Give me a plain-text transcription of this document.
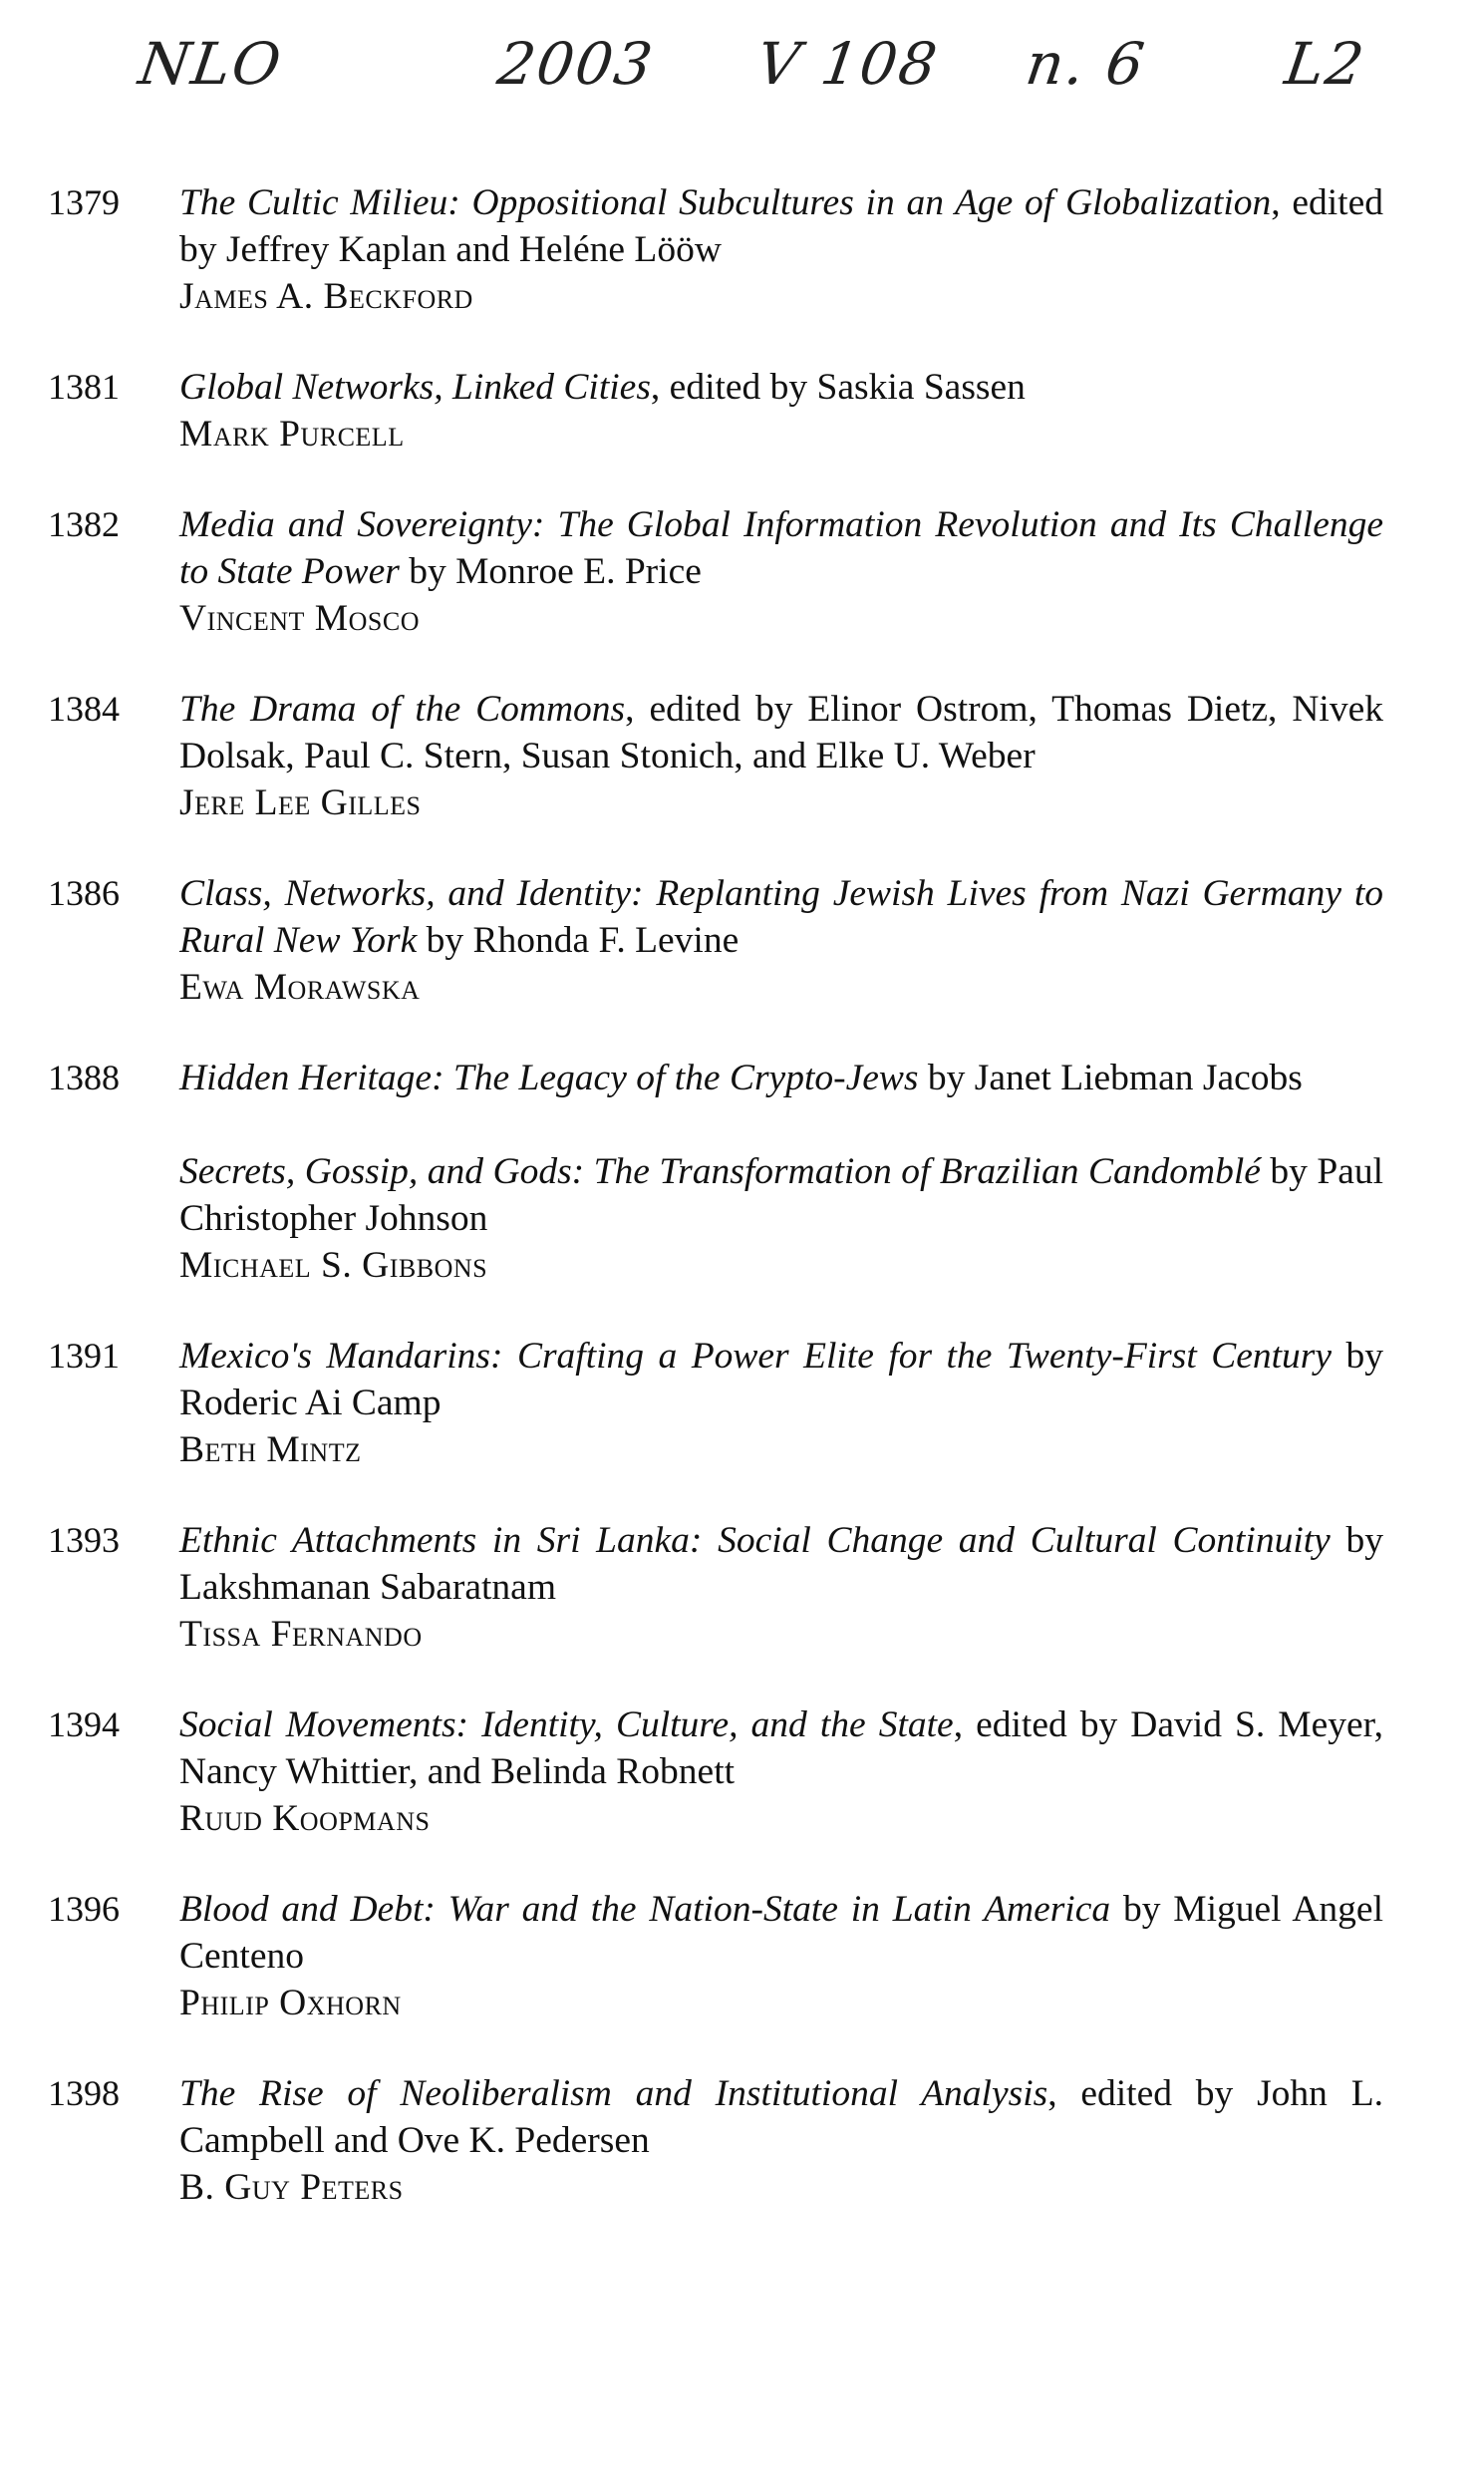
NLO	2003 V 108 n. 6 L2
1379	The Cultic Milieu: Oppositional Subcultures in an Age of Globalization, edited by Jeffrey Kaplan and Heléne Lööw
James A. Beckford
1381	Global Networks, Linked Cities, edited by Saskia Sassen
Mark Purcell
1382	Media and Sovereignty: The Global Information Revolution and Its Challenge to State Power by Monroe E. Price
Vincent Mosco
1384	The Drama of the Commons, edited by Elinor Ostrom, Thomas Dietz, Nivek Dolsak, Paul C. Stern, Susan Stonich, and Elke U. Weber
Jere Lee Gilles
1386	Class, Networks, and Identity: Replanting Jewish Lives from Nazi Germany to Rural New York by Rhonda F. Levine
Ewa Morawska
1388	Hidden Heritage: The Legacy of the Crypto-Jews by Janet Liebman Jacobs
Secrets, Gossip, and Gods: The Transformation of Brazilian Candomblé by Paul Christopher Johnson
Michael S. Gibbons
1391	Mexico's Mandarins: Crafting a Power Elite for the Twenty-First Century by Roderic Ai Camp
Beth Mintz
1393	Ethnic Attachments in Sri Lanka: Social Change and Cultural Continuity by Lakshmanan Sabaratnam
Tissa Fernando
1394	Social Movements: Identity, Culture, and the State, edited by David S. Meyer, Nancy Whittier, and Belinda Robnett
Ruud Koopmans
1396	Blood and Debt: War and the Nation-State in Latin America by Miguel Angel Centeno
Philip Oxhorn
1398	The Rise of Neoliberalism and Institutional Analysis, edited by John L. Campbell and Ove K. Pedersen
B. Guy Peters
